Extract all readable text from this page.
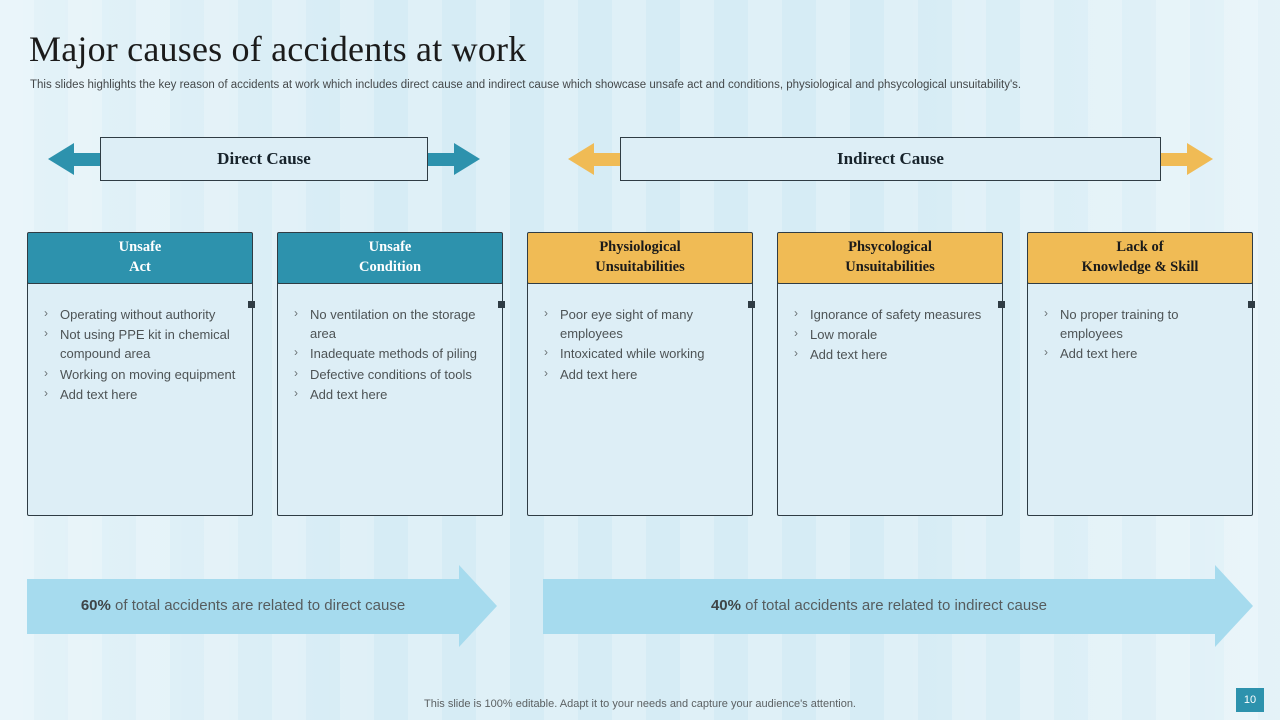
Major causes of accidents at work
This slides highlights the key reason of accidents at work which includes direct cause and indirect cause which showcase unsafe act and conditions, physiological and phsycological unsuitability's.
Direct Cause	Indirect Cause
Unsafe
Act
› Operating without authority
› Not using PPE kit in chemical compound area
› Working on moving equipment
› Add text here
Unsafe
Condition
› No ventilation on the storage area
› Inadequate methods of piling
› Defective conditions of tools
› Add text here
Physiological
Unsuitabilities
› Poor eye sight of many employees
› Intoxicated while working
› Add text here
Phsycological
Unsuitabilities
› Ignorance of safety measures
› Low morale
› Add text here
Lack of
Knowledge & Skill
› No proper training to employees
› Add text here
60% of total accidents are related to direct cause	40% of total accidents are related to indirect cause
This slide is 100% editable. Adapt it to your needs and capture your audience's attention.	10
